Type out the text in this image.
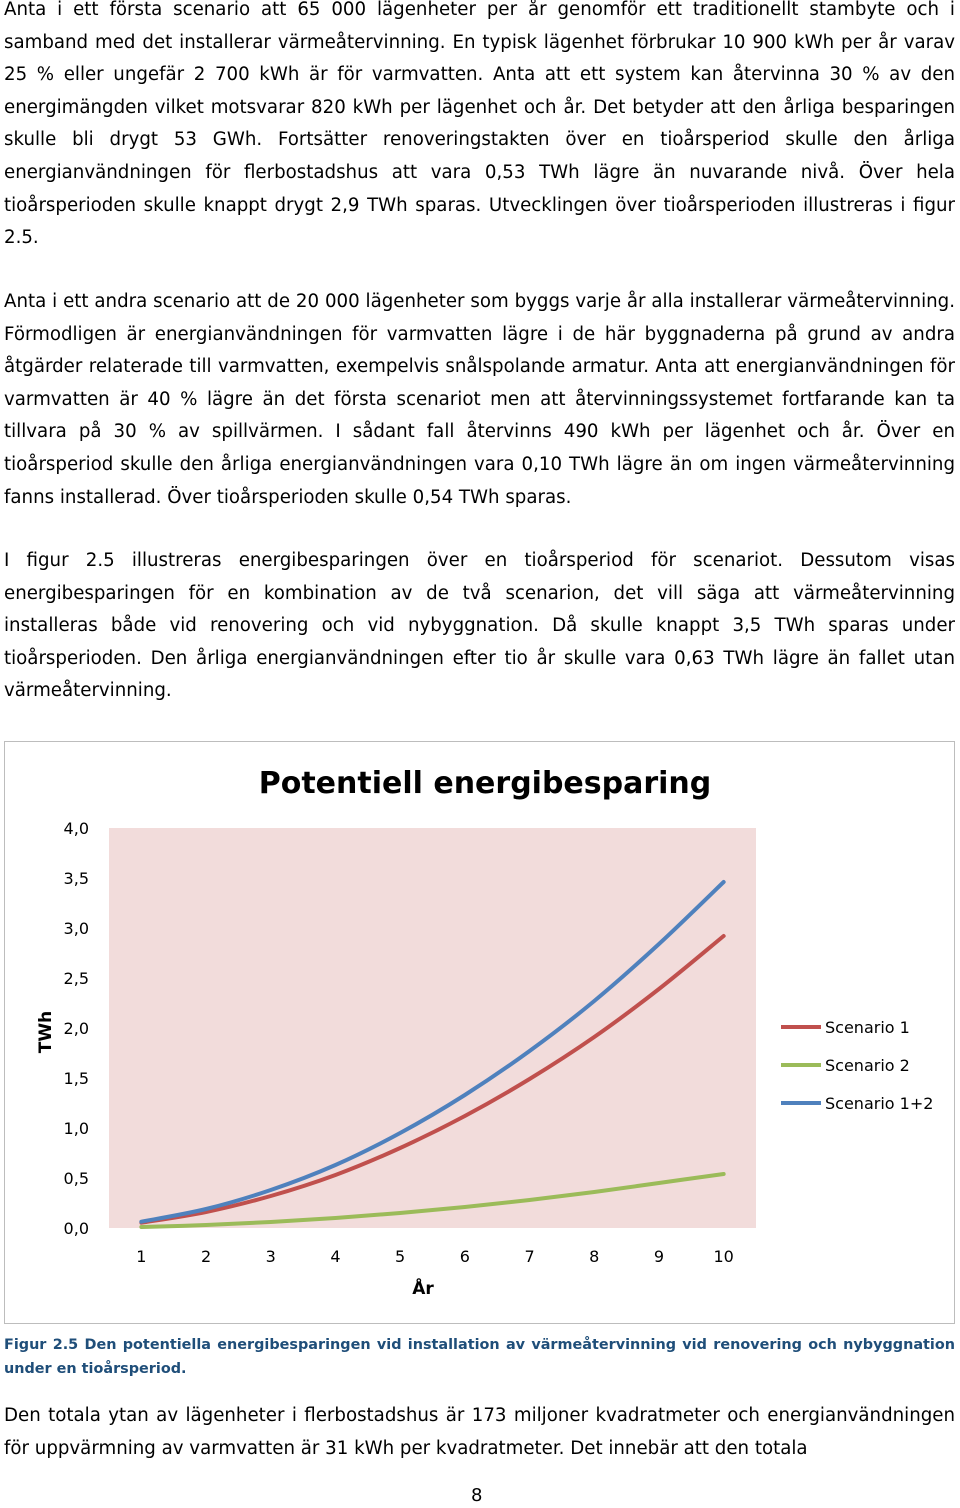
Anta i ett första scenario att 65 000 lägenheter per år genomför ett traditionellt stambyte och i samband med det installerar värmeåtervinning. En typisk lägenhet förbrukar 10 900 kWh per år varav 25 % eller ungefär 2 700 kWh är för varmvatten. Anta att ett system kan återvinna 30 % av den energimängden vilket motsvarar 820 kWh per lägenhet och år. Det betyder att den årliga besparingen skulle bli drygt 53 GWh. Fortsätter renoveringstakten över en tioårsperiod skulle den årliga energianvändningen för flerbostadshus att vara 0,53 TWh lägre än nuvarande nivå. Över hela tioårsperioden skulle knappt drygt 2,9 TWh sparas. Utvecklingen över tioårsperioden illustreras i figur 2.5.

Anta i ett andra scenario att de 20 000 lägenheter som byggs varje år alla installerar värmeåtervinning. Förmodligen är energianvändningen för varmvatten lägre i de här byggnaderna på grund av andra åtgärder relaterade till varmvatten, exempelvis snålspolande armatur. Anta att energianvändningen för varmvatten är 40 % lägre än det första scenariot men att återvinningssystemet fortfarande kan ta tillvara på 30 % av spillvärmen. I sådant fall återvinns 490 kWh per lägenhet och år. Över en tioårsperiod skulle den årliga energianvändningen vara 0,10 TWh lägre än om ingen värmeåtervinning fanns installerad. Över tioårsperioden skulle 0,54 TWh sparas.

I figur 2.5 illustreras energibesparingen över en tioårsperiod för scenariot. Dessutom visas energibesparingen för en kombination av de två scenarion, det vill säga att värmeåtervinning installeras både vid renovering och vid nybyggnation. Då skulle knappt 3,5 TWh sparas under tioårsperioden. Den årliga energianvändningen efter tio år skulle vara 0,63 TWh lägre än fallet utan värmeåtervinning.

Potentiell energibesparing
0,0
0,5
1,0
1,5
2,0
2,5
3,0
3,5
4,0
1	2	3	4	5	6	7	8	9	10
TWh
År
Scenario 1
Scenario 2
Scenario 1+2

Figur 2.5 Den potentiella energibesparingen vid installation av värmeåtervinning vid renovering och nybyggnation under en tioårsperiod.

Den totala ytan av lägenheter i flerbostadshus är 173 miljoner kvadratmeter och energianvändningen för uppvärmning av varmvatten är 31 kWh per kvadratmeter. Det innebär att den totala

8
